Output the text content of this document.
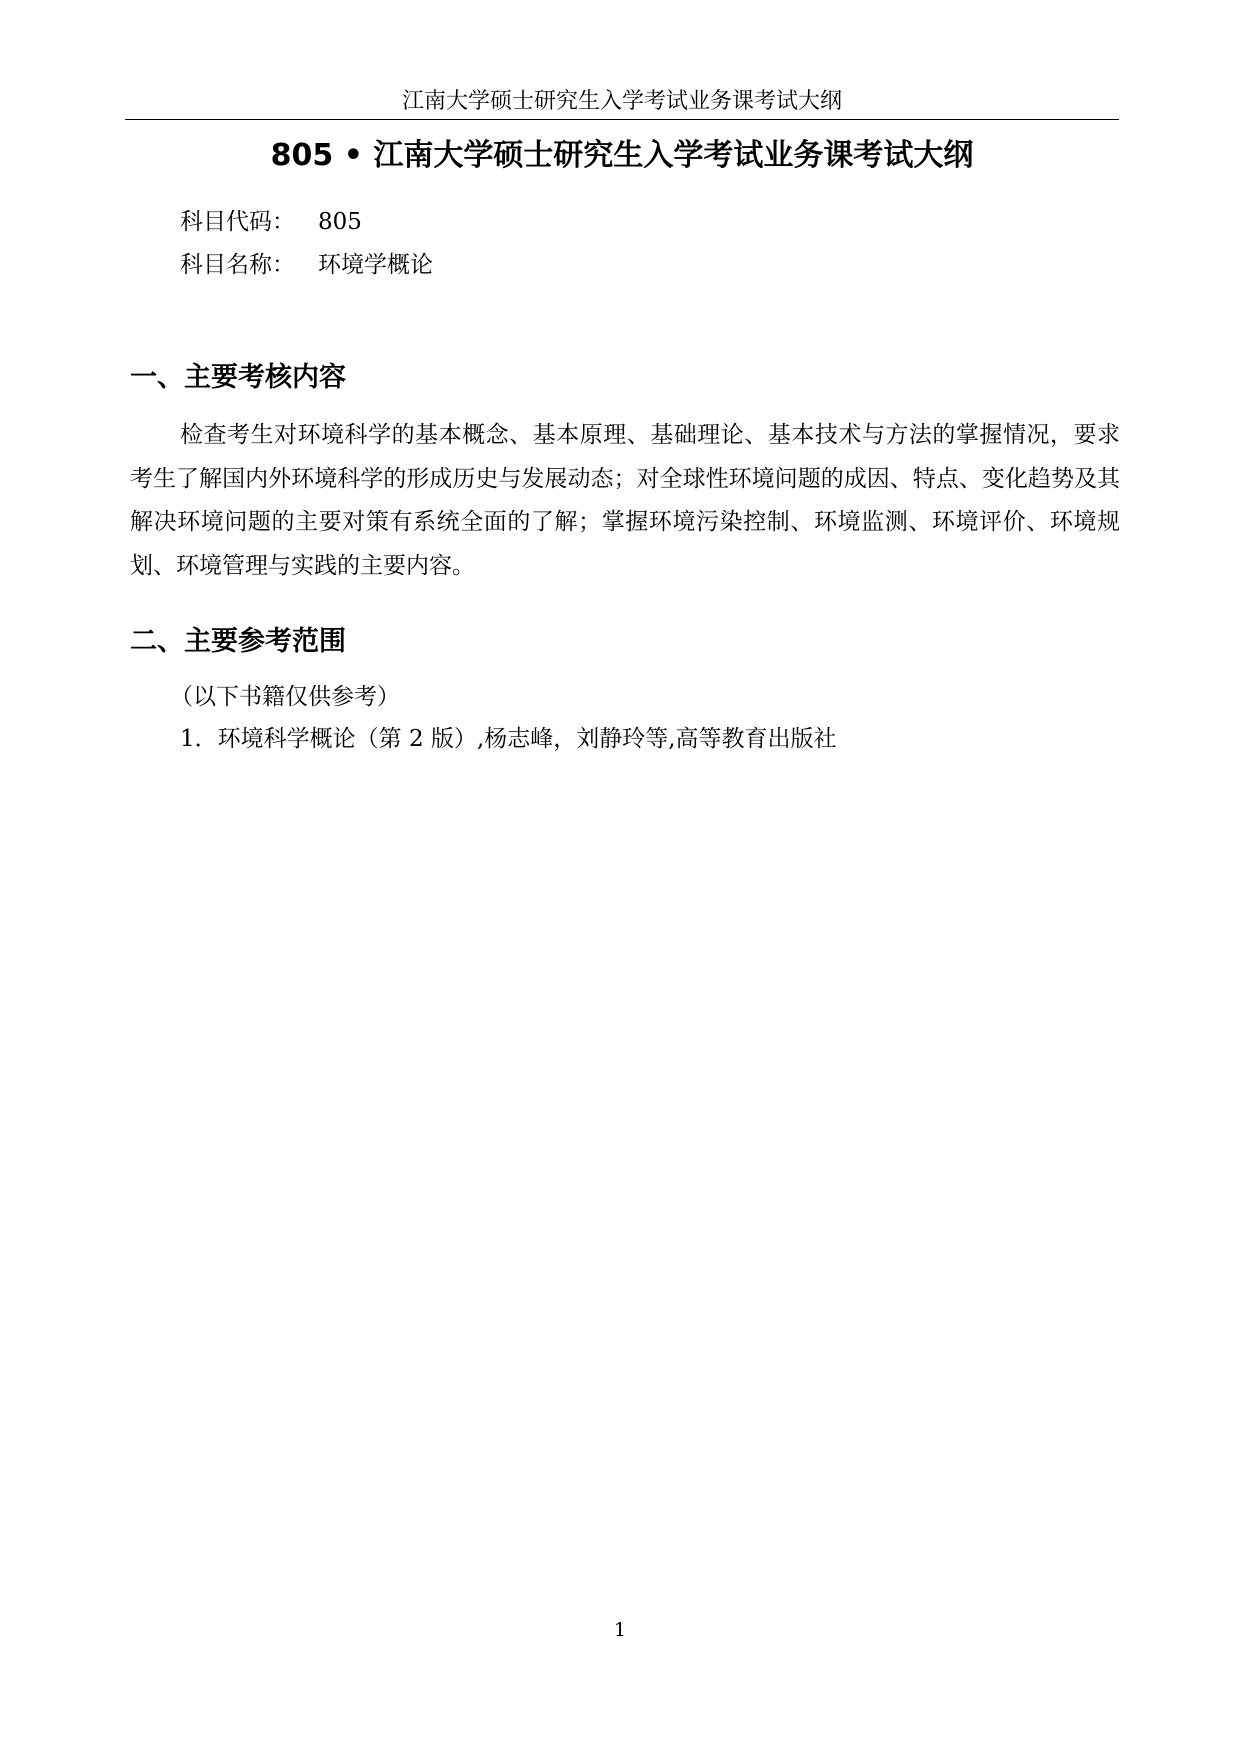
江南大学硕士研究生入学考试业务课考试大纲
805 • 江南大学硕士研究生入学考试业务课考试大纲
科目代码： 805
科目名称： 环境学概论
一、主要考核内容

检查考生对环境科学的基本概念、基本原理、基础理论、基本技术与方法的掌握情况，要求考生了解国内外环境科学的形成历史与发展动态；对全球性环境问题的成因、特点、变化趋势及其解决环境问题的主要对策有系统全面的了解；掌握环境污染控制、环境监测、环境评价、环境规划、环境管理与实践的主要内容。

二、主要参考范围
（以下书籍仅供参考）
1．环境科学概论（第 2 版）,杨志峰，刘静玲等,高等教育出版社
1
